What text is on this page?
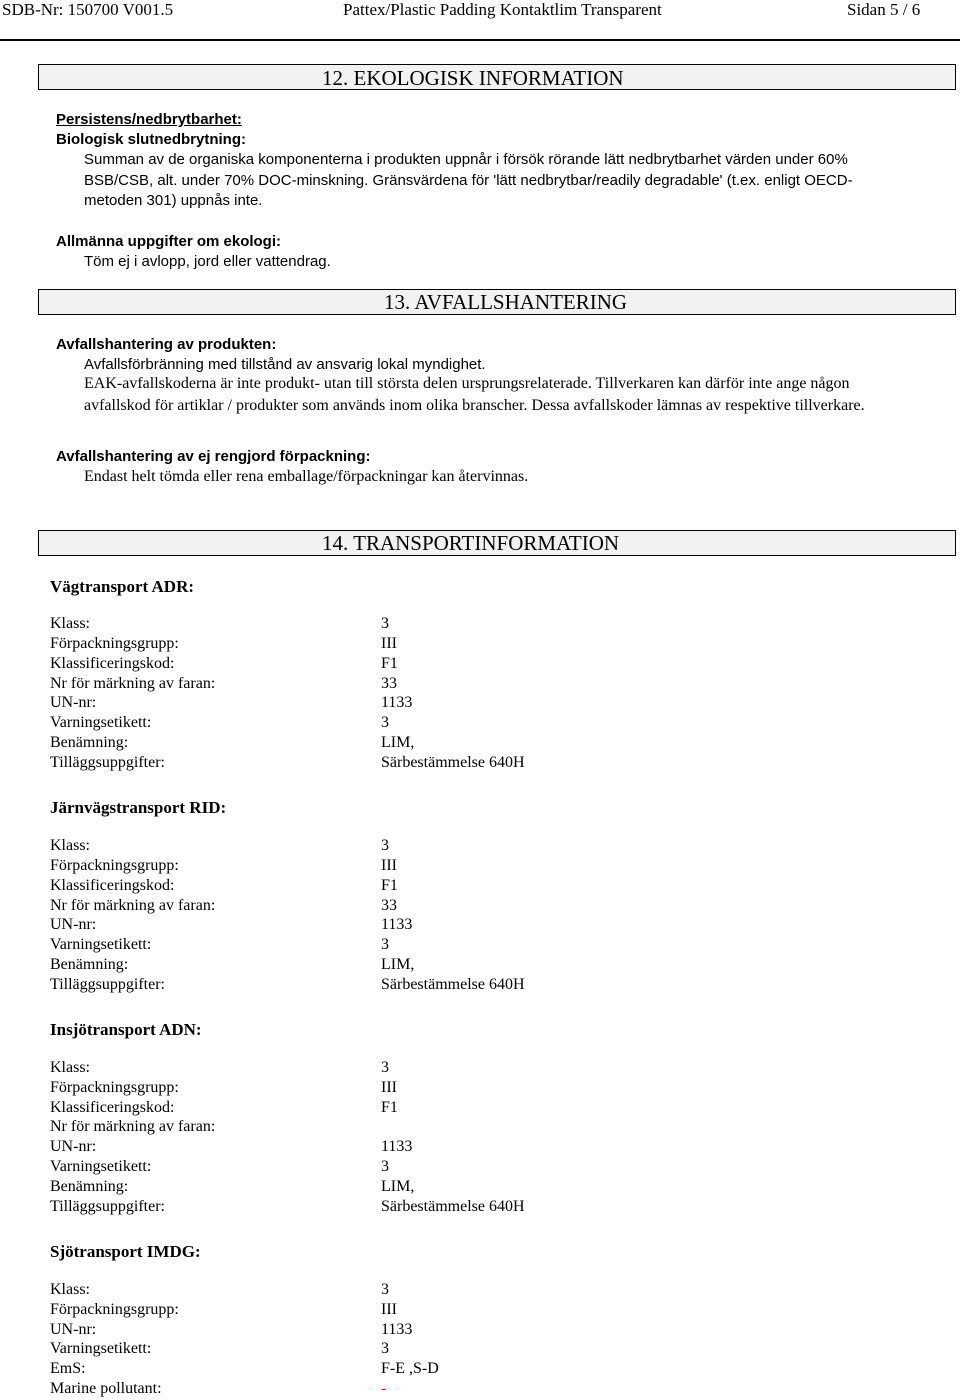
SDB-Nr: 150700 V001.5	Pattex/Plastic Padding Kontaktlim Transparent	Sidan 5 / 6
12. EKOLOGISK INFORMATION
Persistens/nedbrytbarhet:
Biologisk slutnedbrytning:
Summan av de organiska komponenterna i produkten uppnår i försök rörande lätt nedbrytbarhet värden under 60%
BSB/CSB, alt. under 70% DOC-minskning. Gränsvärdena för 'lätt nedbrytbar/readily degradable' (t.ex. enligt OECD-
metoden 301) uppnås inte.
Allmänna uppgifter om ekologi:
Töm ej i avlopp, jord eller vattendrag.
13. AVFALLSHANTERING
Avfallshantering av produkten:
Avfallsförbränning med tillstånd av ansvarig lokal myndighet.
EAK-avfallskoderna är inte produkt- utan till största delen ursprungsrelaterade. Tillverkaren kan därför inte ange någon
avfallskod för artiklar / produkter som används inom olika branscher. Dessa avfallskoder lämnas av respektive tillverkare.
Avfallshantering av ej rengjord förpackning:
Endast helt tömda eller rena emballage/förpackningar kan återvinnas.
14. TRANSPORTINFORMATION
Vägtransport ADR:
Klass:	3
Förpackningsgrupp:	III
Klassificeringskod:	F1
Nr för märkning av faran:	33
UN-nr:	1133
Varningsetikett:	3
Benämning:	LIM,
Tilläggsuppgifter:	Särbestämmelse 640H
Järnvägstransport RID:
Klass:	3
Förpackningsgrupp:	III
Klassificeringskod:	F1
Nr för märkning av faran:	33
UN-nr:	1133
Varningsetikett:	3
Benämning:	LIM,
Tilläggsuppgifter:	Särbestämmelse 640H
Insjötransport ADN:
Klass:	3
Förpackningsgrupp:	III
Klassificeringskod:	F1
Nr för märkning av faran:
UN-nr:	1133
Varningsetikett:	3
Benämning:	LIM,
Tilläggsuppgifter:	Särbestämmelse 640H
Sjötransport IMDG:
Klass:	3
Förpackningsgrupp:	III
UN-nr:	1133
Varningsetikett:	3
EmS:	F-E ,S-D
Marine pollutant:	-
